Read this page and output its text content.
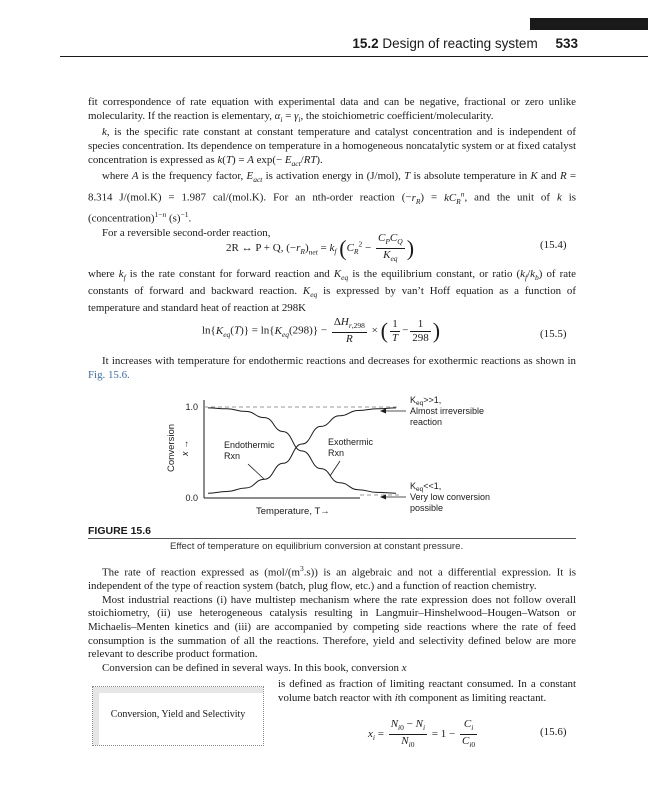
15.2 Design of reacting system 533

fit correspondence of rate equation with experimental data and can be negative, fractional or zero unlike molecularity. If the reaction is elementary, $\alpha_i = \gamma_i$, the stoichiometric coefficient/molecularity.

k, is the specific rate constant at constant temperature and catalyst concentration and is independent of species concentration. Its dependence on temperature in a homogeneous noncatalytic system or at fixed catalyst concentration is expressed as k(T) = A $\exp(- E_{act}/RT)$.

where A is the frequency factor, $E_{act}$ is activation energy in (J/mol), T is absolute temperature in K and R = 8.314 J/(mol.K) = 1.987 cal/(mol.K). For an nth-order reaction $(-r_R) = kC_R^n$, and the unit of k is (concentration)$^{1-n}$ $(s)^{-1}$.

For a reversible second-order reaction,

2R ↔ P + Q, $(-r_R)_{net} = k_f$ ($C_R^2 - \frac{C_PC_Q}{K_{eq}}$ )	(15.4)

where $k_f$ is the rate constant for forward reaction and $K_{eq}$ is the equilibrium constant, or ratio $(k_f/k_b)$ of rate constants of forward and backward reaction. $K_{eq}$ is expressed by van’t Hoff equation as a function of temperature and standard heat of reaction at 298K

$\ln\{K_{eq}(T)\} = \ln\{K_{eq}(298)\} - \frac{\Delta H_{r,298}}{R}$ × ( $\frac{1}{T} - \frac{1}{298}$ )	(15.5)

It increases with temperature for endothermic reactions and decreases for exothermic reactions as shown in Fig. 15.6.

Conversion x →
1.0
0.0
Endothermic
Rxn
Exothermic
Rxn
$K_{eq}>>1$,
Almost irreversible
reaction
$K_{eq}<<1$,
Very low conversion
possible
Temperature, T→
FIGURE 15.6
Effect of temperature on equilibrium conversion at constant pressure.

The rate of reaction expressed as $(mol/(m^3.s))$ is an algebraic and not a differential expression. It is independent of the type of reaction system (batch, plug flow, etc.) and a function of reaction chemistry.

Most industrial reactions (i) have multistep mechanism where the rate expression does not follow overall stoichiometry, (ii) use heterogeneous catalysis resulting in Langmuir–Hinshelwood–Hougen–Watson or Michaelis–Menten kinetics and (iii) are accompanied by competing side reactions where the rate of feed consumption is the summation of all the reactions. Therefore, yield and selectivity defined below are more relevant to describe product formation.

Conversion can be defined in several ways. In this book, conversion x

is defined as fraction of limiting reactant consumed. In a constant volume batch reactor with ith component as limiting reactant.

Conversion, Yield and Selectivity
$x_i = \frac{N_{i0} - N_i}{N_{i0}} = 1 - \frac{C_i}{C_{i0}}$	(15.6)
